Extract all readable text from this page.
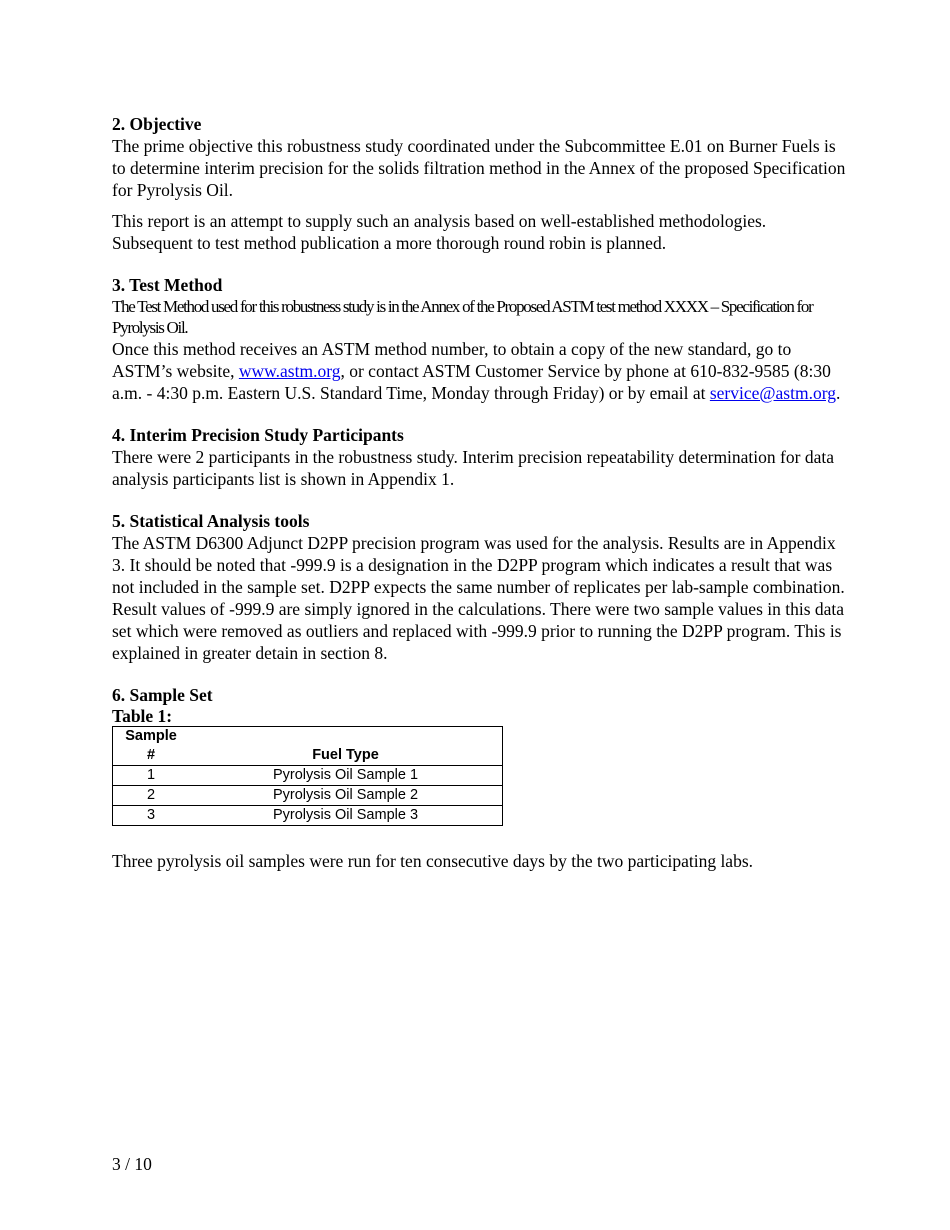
2. Objective

The prime objective this robustness study coordinated under the Subcommittee E.01 on Burner Fuels is to determine interim precision for the solids filtration method in the Annex of the proposed Specification for Pyrolysis Oil.

This report is an attempt to supply such an analysis based on well-established methodologies. Subsequent to test method publication a more thorough round robin is planned.

3. Test Method

The Test Method used for this robustness study is in the Annex of the Proposed ASTM test method XXXX – Specification for Pyrolysis Oil.

Once this method receives an ASTM method number, to obtain a copy of the new standard, go to ASTM’s website, www.astm.org, or contact ASTM Customer Service by phone at 610-832-9585 (8:30 a.m. - 4:30 p.m. Eastern U.S. Standard Time, Monday through Friday) or by email at service@astm.org.

4. Interim Precision Study Participants

There were 2 participants in the robustness study. Interim precision repeatability determination for data analysis participants list is shown in Appendix 1.

5. Statistical Analysis tools

The ASTM D6300 Adjunct D2PP precision program was used for the analysis. Results are in Appendix 3. It should be noted that -999.9 is a designation in the D2PP program which indicates a result that was not included in the sample set. D2PP expects the same number of replicates per lab-sample combination. Result values of -999.9 are simply ignored in the calculations. There were two sample values in this data set which were removed as outliers and replaced with -999.9 prior to running the D2PP program. This is explained in greater detain in section 8.

6. Sample Set

Table 1:

Sample
#	Fuel Type
1	Pyrolysis Oil Sample 1
2	Pyrolysis Oil Sample 2
3	Pyrolysis Oil Sample 3

Three pyrolysis oil samples were run for ten consecutive days by the two participating labs.

3 / 10
